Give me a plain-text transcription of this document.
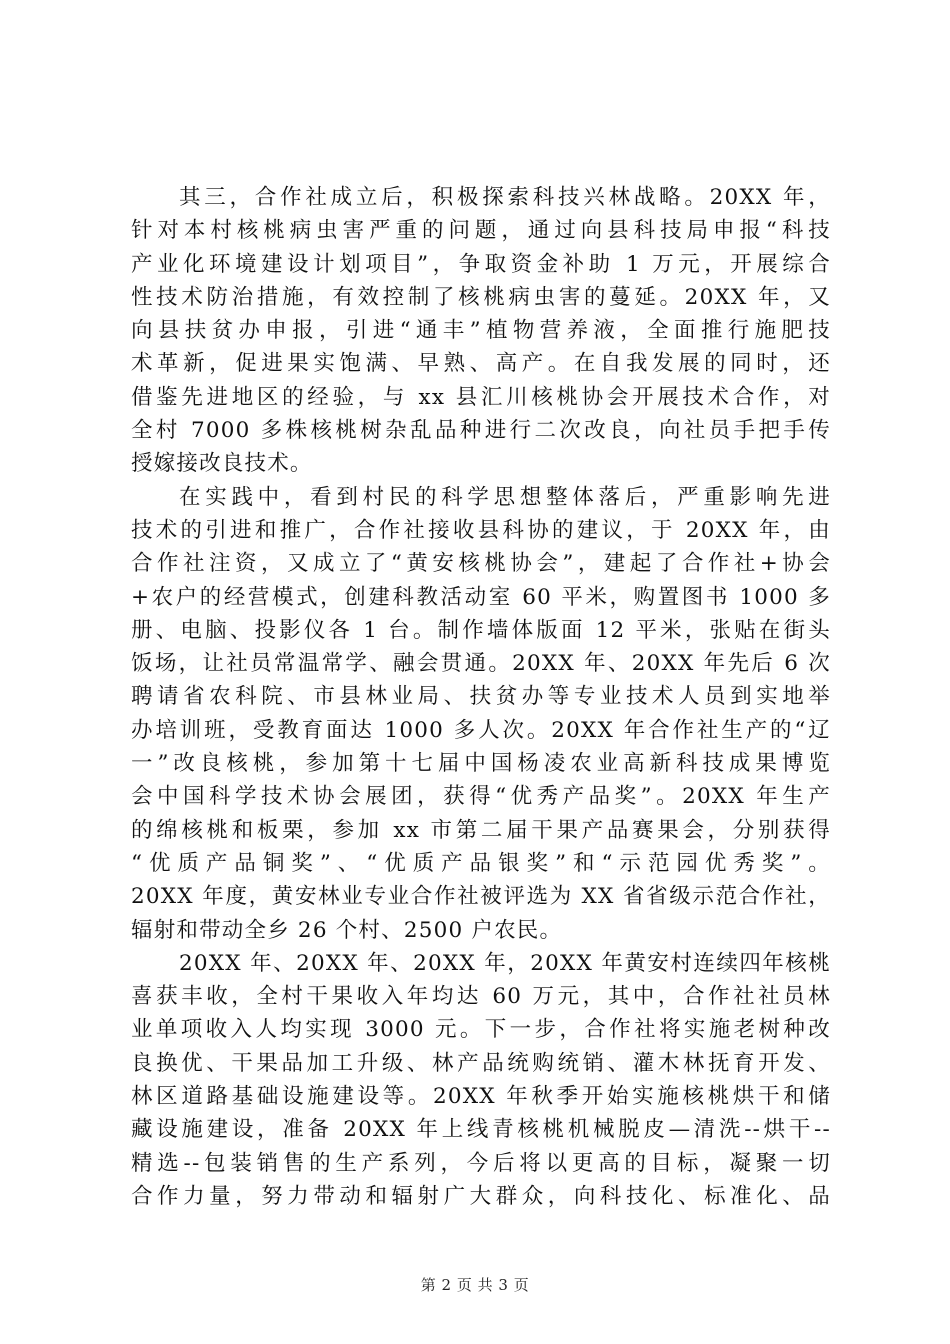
其三，合作社成立后，积极探索科技兴林战略。20XX 年，
针对本村核桃病虫害严重的问题，通过向县科技局申报“科技
产业化环境建设计划项目”，争取资金补助 1 万元，开展综合
性技术防治措施，有效控制了核桃病虫害的蔓延。20XX 年，又
向县扶贫办申报，引进“通丰”植物营养液，全面推行施肥技
术革新，促进果实饱满、早熟、高产。在自我发展的同时，还
借鉴先进地区的经验，与 xx 县汇川核桃协会开展技术合作，对
全村 7000 多株核桃树杂乱品种进行二次改良，向社员手把手传
授嫁接改良技术。
在实践中，看到村民的科学思想整体落后，严重影响先进
技术的引进和推广，合作社接收县科协的建议，于 20XX 年，由
合作社注资，又成立了“黄安核桃协会”，建起了合作社+协会
+农户的经营模式，创建科教活动室 60 平米，购置图书 1000 多
册、电脑、投影仪各 1 台。制作墙体版面 12 平米，张贴在街头
饭场，让社员常温常学、融会贯通。20XX 年、20XX 年先后 6 次
聘请省农科院、市县林业局、扶贫办等专业技术人员到实地举
办培训班，受教育面达 1000 多人次。20XX 年合作社生产的“辽
一”改良核桃，参加第十七届中国杨凌农业高新科技成果博览
会中国科学技术协会展团，获得“优秀产品奖”。20XX 年生产
的绵核桃和板栗，参加 xx 市第二届干果产品赛果会，分别获得
“优质产品铜奖”、“优质产品银奖”和“示范园优秀奖”。
20XX 年度，黄安林业专业合作社被评选为 XX 省省级示范合作社，
辐射和带动全乡 26 个村、2500 户农民。
20XX 年、20XX 年、20XX 年，20XX 年黄安村连续四年核桃
喜获丰收，全村干果收入年均达 60 万元，其中，合作社社员林
业单项收入人均实现 3000 元。下一步，合作社将实施老树种改
良换优、干果品加工升级、林产品统购统销、灌木林抚育开发、
林区道路基础设施建设等。20XX 年秋季开始实施核桃烘干和储
藏设施建设，准备 20XX 年上线青核桃机械脱皮—清洗--烘干--
精选--包装销售的生产系列，今后将以更高的目标，凝聚一切
合作力量，努力带动和辐射广大群众，向科技化、标准化、品
第 2 页 共 3 页
